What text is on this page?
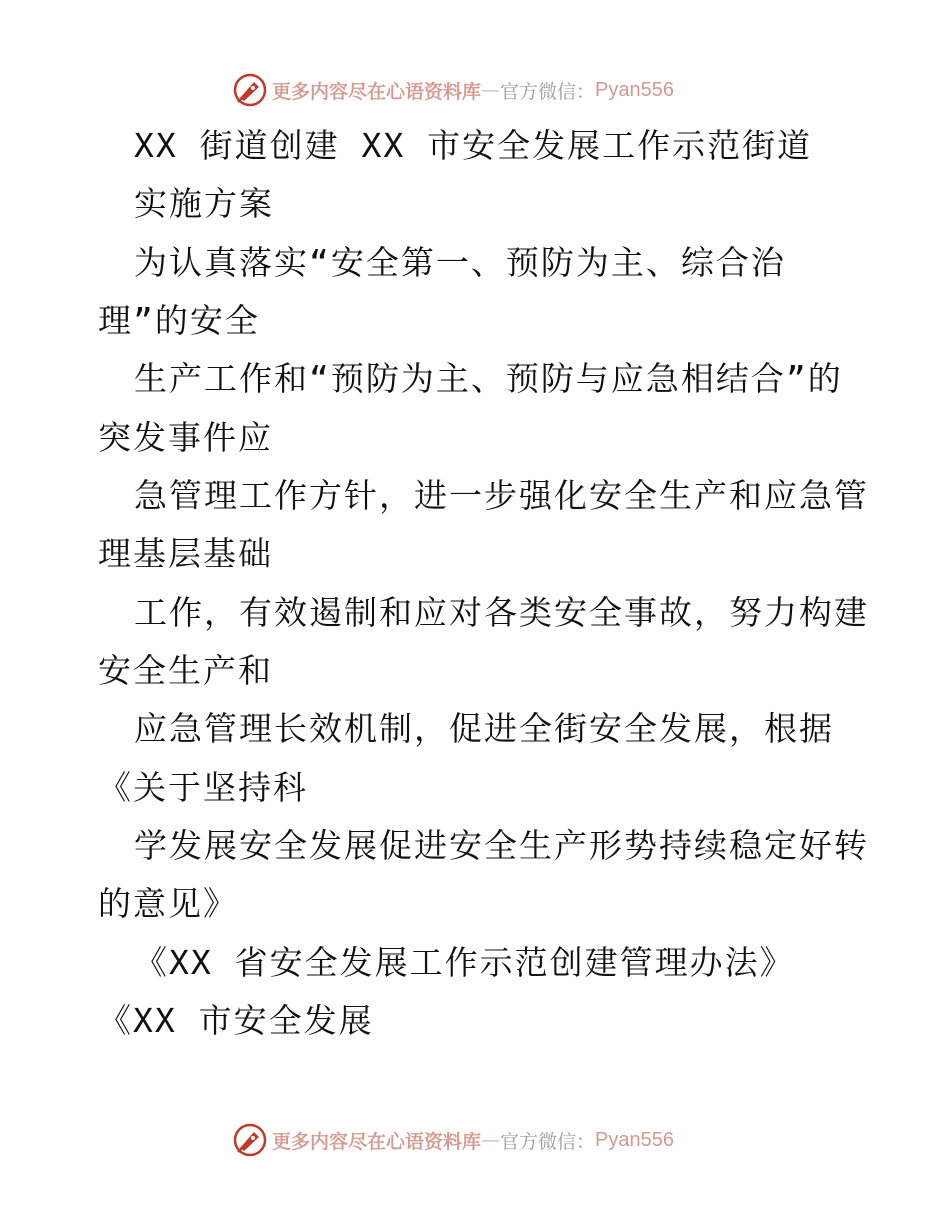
更多内容尽在心语资料库 — 官方微信： Pyan556
XX 街道创建 XX 市安全发展工作示范街道
实施方案
为认真落实“安全第一、预防为主、综合治
理”的安全
生产工作和“预防为主、预防与应急相结合”的
突发事件应
急管理工作方针，进一步强化安全生产和应急管
理基层基础
工作，有效遏制和应对各类安全事故，努力构建
安全生产和
应急管理长效机制，促进全街安全发展，根据
《关于坚持科
学发展安全发展促进安全生产形势持续稳定好转
的意见》
《XX 省安全发展工作示范创建管理办法》
《XX 市安全发展
更多内容尽在心语资料库 — 官方微信： Pyan556
